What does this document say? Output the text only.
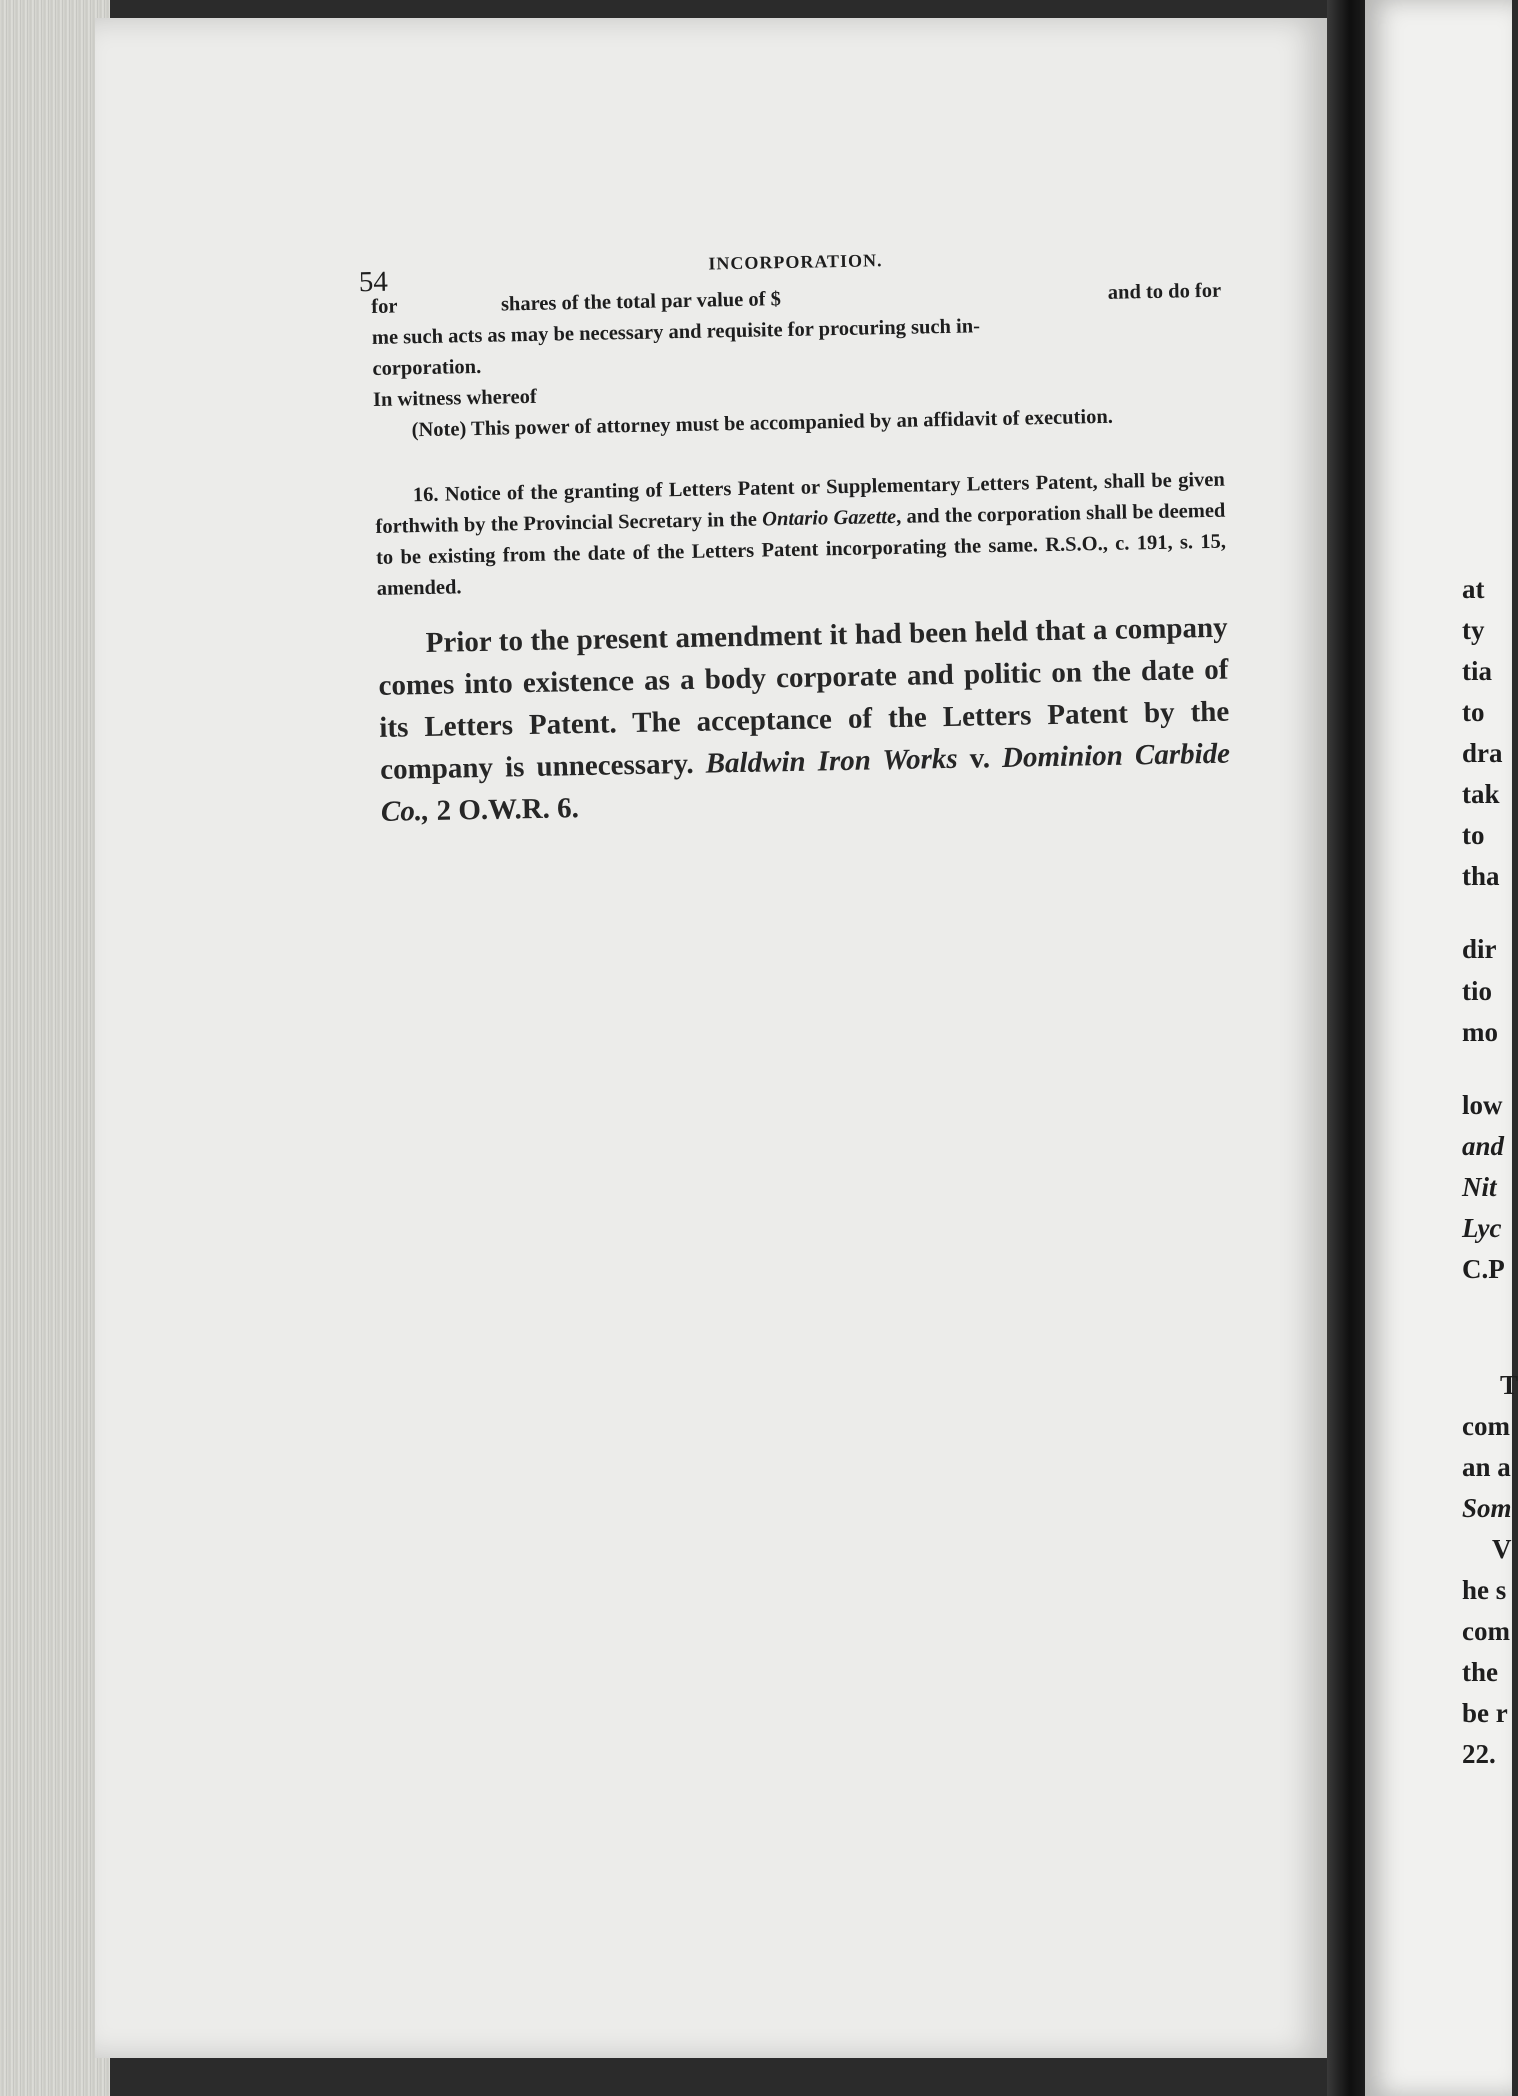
54
INCORPORATION.
for	shares of the total par value of $	and to do for
me such acts as may be necessary and requisite for procuring such in-
corporation.
In witness whereof
(Note) This power of attorney must be accompanied by an affidavit of execution.
16. Notice of the granting of Letters Patent or Supplementary Letters Patent, shall be given forthwith by the Provincial Secretary in the Ontario Gazette, and the corporation shall be deemed to be existing from the date of the Letters Patent incorporating the same. R.S.O., c. 191, s. 15, amended.
Prior to the present amendment it had been held that a company comes into existence as a body corporate and politic on the date of its Letters Patent. The acceptance of the Letters Patent by the company is unnecessary. Baldwin Iron Works v. Dominion Carbide Co., 2 O.W.R. 6.
at
ty
tia
to
dra
tak
to
tha
dir
tio
mo
low
and
Nit
Lyc
C.P
T
com
an a
Som
V
he s
com
the
be r
22.
